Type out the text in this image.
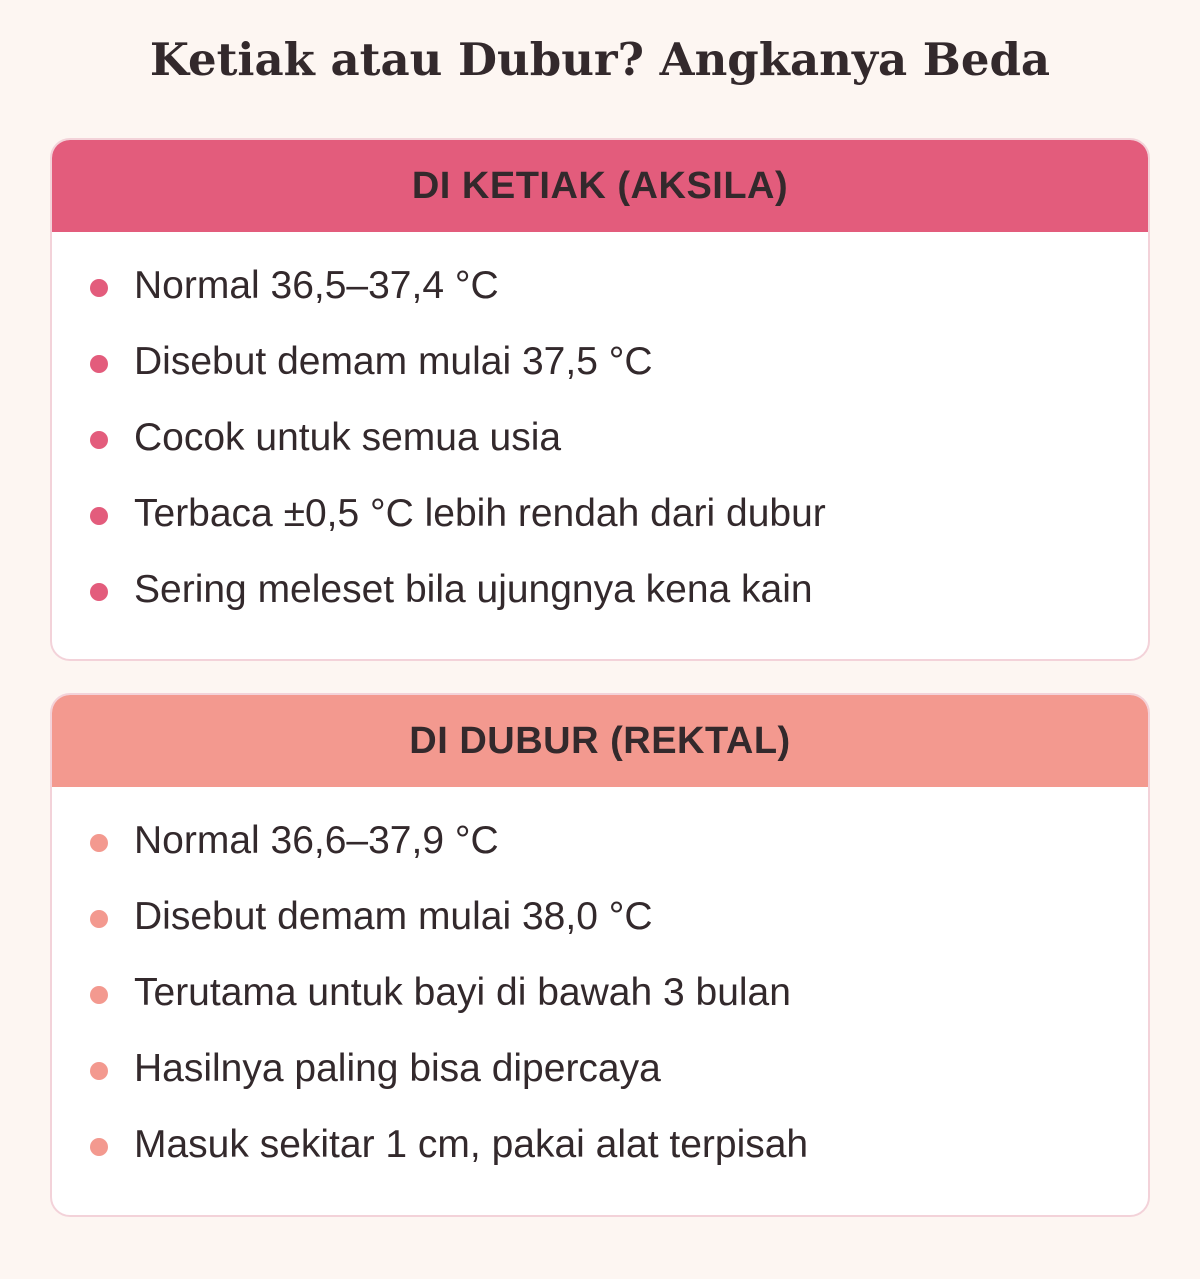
Ketiak atau Dubur? Angkanya Beda
DI KETIAK (AKSILA)
Normal 36,5–37,4 °C
Disebut demam mulai 37,5 °C
Cocok untuk semua usia
Terbaca ±0,5 °C lebih rendah dari dubur
Sering meleset bila ujungnya kena kain
DI DUBUR (REKTAL)
Normal 36,6–37,9 °C
Disebut demam mulai 38,0 °C
Terutama untuk bayi di bawah 3 bulan
Hasilnya paling bisa dipercaya
Masuk sekitar 1 cm, pakai alat terpisah
